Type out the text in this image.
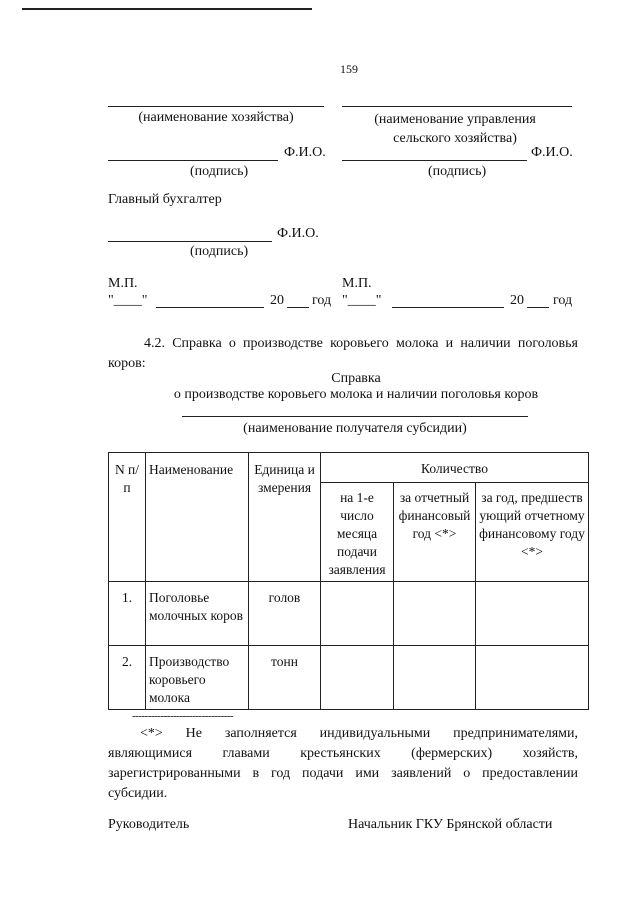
159
(наименование хозяйства)	(наименование управления сельского хозяйства)
Ф.И.О.	Ф.И.О.
(подпись)	(подпись)
Главный бухгалтер
Ф.И.О.
(подпись)
М.П.	М.П.
"____"	20 год "____"	20 год
4.2. Справка о производстве коровьего молока и наличии поголовья коров:
Справка
о производстве коровьего молока и наличии поголовья коров
(наименование получателя субсидии)
N п/п	Наименование	Единица измерения	Количество		
			на 1-е число месяца подачи заявления	за отчетный финансовый год <*>	за год, предшествующий отчетному финансовому году <*>
1.	Поголовье молочных коров	голов			
2.	Производство коровьего молока	тонн			
--------------------------------
<*> Не заполняется индивидуальными предпринимателями, являющимися главами крестьянских (фермерских) хозяйств, зарегистрированными в год подачи ими заявлений о предоставлении субсидии.
Руководитель	Начальник ГКУ Брянской области
